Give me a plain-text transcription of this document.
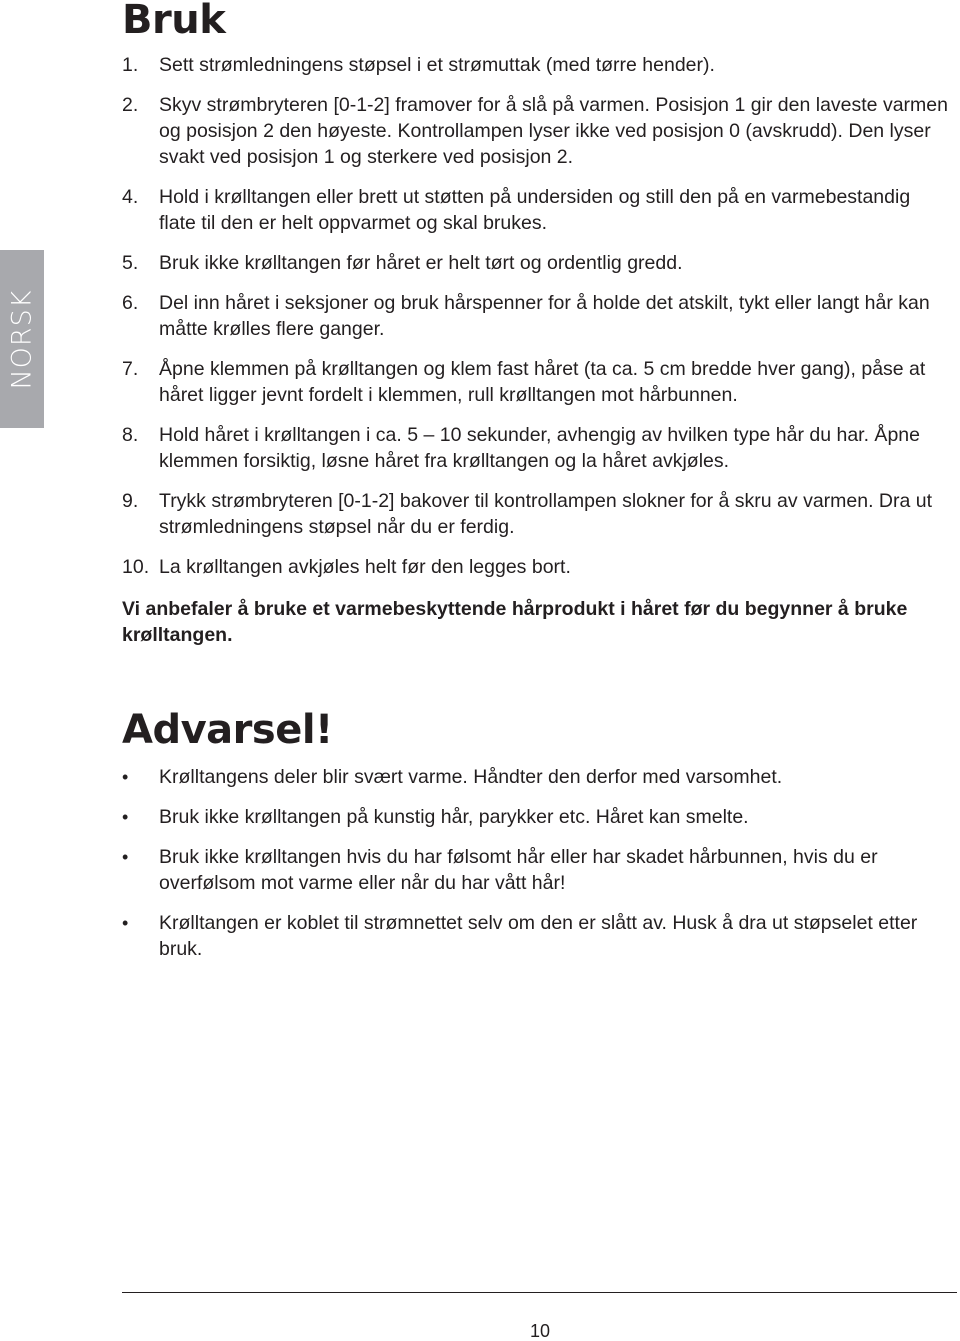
NORSK
Bruk
1.	Sett strømledningens støpsel i et strømuttak (med tørre hender).
2.	Skyv strømbryteren [0-1-2] framover for å slå på varmen. Posisjon 1 gir den laveste varmen og posisjon 2 den høyeste. Kontrollampen lyser ikke ved posisjon 0 (avskrudd). Den lyser svakt ved posisjon 1 og sterkere ved posisjon 2.
4.	Hold i krølltangen eller brett ut støtten på undersiden og still den på en varmebestandig flate til den er helt oppvarmet og skal brukes.
5.	Bruk ikke krølltangen før håret er helt tørt og ordentlig gredd.
6.	Del inn håret i seksjoner og bruk hårspenner for å holde det atskilt, tykt eller langt hår kan måtte krølles flere ganger.
7.	Åpne klemmen på krølltangen og klem fast håret (ta ca. 5 cm bredde hver gang), påse at håret ligger jevnt fordelt i klemmen, rull krølltangen mot hårbunnen.
8.	Hold håret i krølltangen i ca. 5 – 10 sekunder, avhengig av hvilken type hår du har. Åpne klemmen forsiktig, løsne håret fra krølltangen og la håret avkjøles.
9.	Trykk strømbryteren [0-1-2] bakover til kontrollampen slokner for å skru av varmen. Dra ut strømledningens støpsel når du er ferdig.
10. La krølltangen avkjøles helt før den legges bort.

Vi anbefaler å bruke et varmebeskyttende hårprodukt i håret før du begynner å bruke krølltangen.

Advarsel!
•	Krølltangens deler blir svært varme. Håndter den derfor med varsomhet.
•	Bruk ikke krølltangen på kunstig hår, parykker etc. Håret kan smelte.
•	Bruk ikke krølltangen hvis du har følsomt hår eller har skadet hårbunnen, hvis du er overfølsom mot varme eller når du har vått hår!
•	Krølltangen er koblet til strømnettet selv om den er slått av. Husk å dra ut støpselet etter bruk.
10
